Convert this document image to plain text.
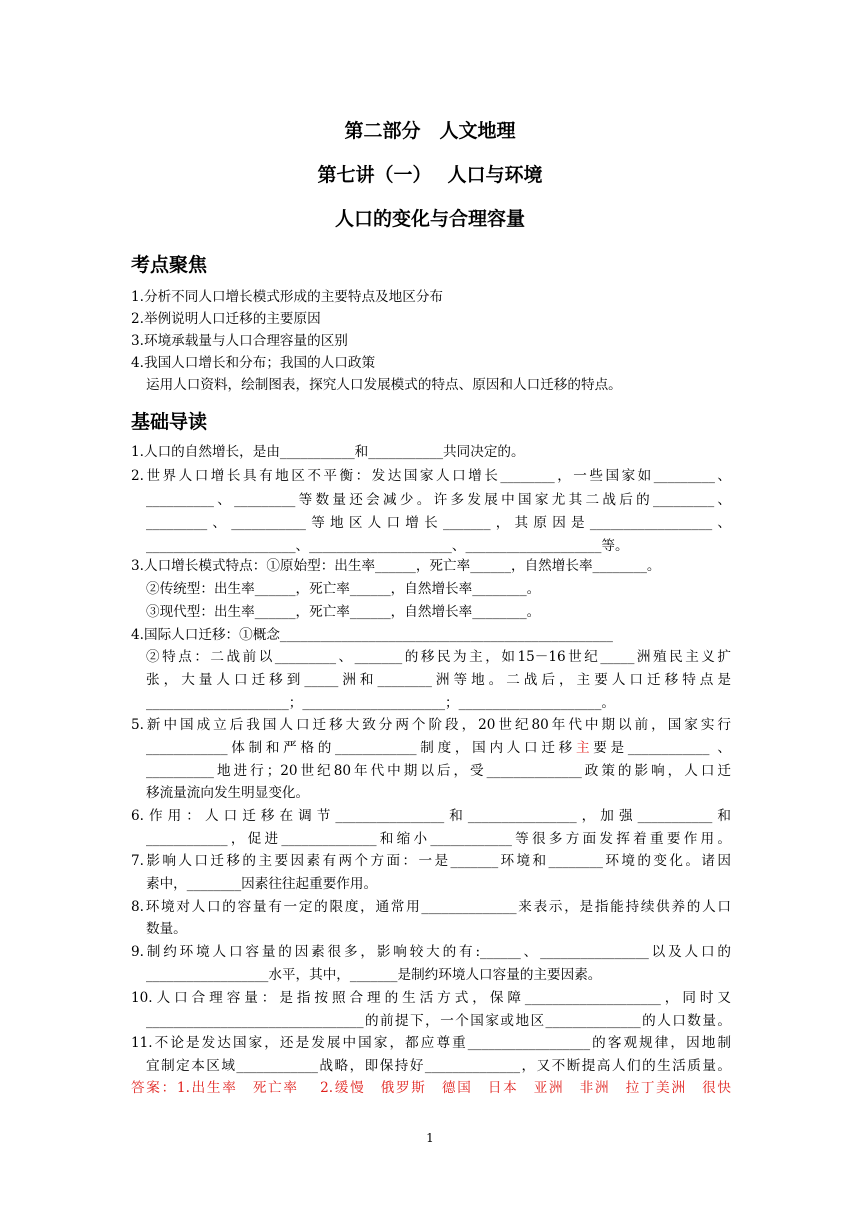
第二部分　人文地理
第七讲（一）　 人口与环境
人口的变化与合理容量
考点聚焦
1.分析不同人口增长模式形成的主要特点及地区分布
2.举例说明人口迁移的主要原因
3.环境承载量与人口合理容量的区别
4.我国人口增长和分布；我国的人口政策
运用人口资料，绘制图表，探究人口发展模式的特点、原因和人口迁移的特点。
基础导读
1.人口的自然增长，是由___________和___________共同决定的。
2.世界人口增长具有地区不平衡：发达国家人口增长________，一些国家如_________、
__________、_________等数量还会减少。许多发展中国家尤其二战后的_________、
_________、___________等地区人口增长_______，其原因是__________________、
______________________、_____________________、____________________等。
3.人口增长模式特点：①原始型：出生率______，死亡率______，自然增长率________。
②传统型：出生率______，死亡率______，自然增长率________。
③现代型：出生率______，死亡率______，自然增长率________。
4.国际人口迁移：①概念_________________________________________________
②特点：二战前以_________、_______的移民为主，如15－16世纪_____洲殖民主义扩
张，大量人口迁移到_____洲和________洲等地。二战后，主要人口迁移特点是
_____________________；_____________________；_____________________。
5.新中国成立后我国人口迁移大致分两个阶段，20世纪80年代中期以前，国家实行
____________体制和严格的____________制度，国内人口迁移主要是____________ 、
__________地进行；20世纪80年代中期以后，受______________政策的影响，人口迁
移流量流向发生明显变化。
6.作用：人口迁移在调节________________和________________，加强___________和
____________，促进______________和缩小____________等很多方面发挥着重要作用。
7.影响人口迁移的主要因素有两个方面：一是_______环境和________环境的变化。诸因
素中，________因素往往起重要作用。
8.环境对人口的容量有一定的限度，通常用______________来表示，是指能持续供养的人口
数量。
9.制约环境人口容量的因素很多，影响较大的有:______、________________以及人口的
__________________水平，其中，_______是制约环境人口容量的主要因素。
10.人口合理容量：是指按照合理的生活方式，保障____________________，同时又
________________________________的前提下，一个国家或地区______________的人口数量。
11.不论是发达国家，还是发展中国家，都应尊重__________________的客观规律，因地制
宜制定本区域____________战略，即保持好______________，又不断提高人们的生活质量。
答案：1.出生率　死亡率　 2.缓慢　俄罗斯　德国　日本　亚洲　非洲　拉丁美洲　很快
1
